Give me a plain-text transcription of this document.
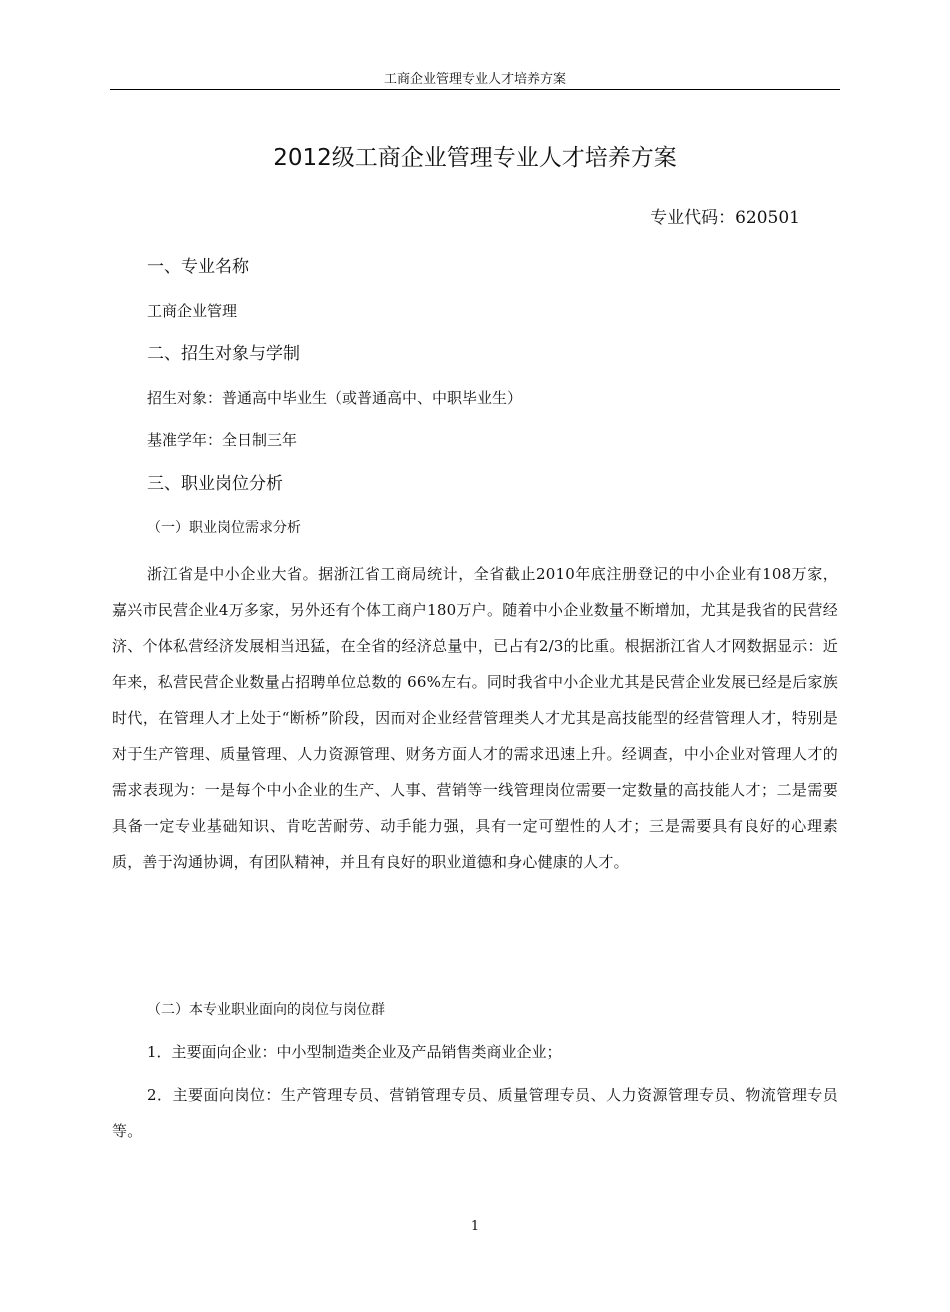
工商企业管理专业人才培养方案
2012级工商企业管理专业人才培养方案
专业代码：620501
一、专业名称
工商企业管理
二、招生对象与学制
招生对象：普通高中毕业生（或普通高中、中职毕业生）
基准学年：全日制三年
三、职业岗位分析
（一）职业岗位需求分析
浙江省是中小企业大省。据浙江省工商局统计，全省截止2010年底注册登记的中小企业有108万家，嘉兴市民营企业4万多家，另外还有个体工商户180万户。随着中小企业数量不断增加，尤其是我省的民营经济、个体私营经济发展相当迅猛，在全省的经济总量中，已占有2/3的比重。根据浙江省人才网数据显示：近年来，私营民营企业数量占招聘单位总数的 66%左右。同时我省中小企业尤其是民营企业发展已经是后家族时代，在管理人才上处于“断桥”阶段，因而对企业经营管理类人才尤其是高技能型的经营管理人才，特别是对于生产管理、质量管理、人力资源管理、财务方面人才的需求迅速上升。经调查，中小企业对管理人才的需求表现为：一是每个中小企业的生产、人事、营销等一线管理岗位需要一定数量的高技能人才；二是需要具备一定专业基础知识、肯吃苦耐劳、动手能力强，具有一定可塑性的人才；三是需要具有良好的心理素质，善于沟通协调，有团队精神，并且有良好的职业道德和身心健康的人才。
（二）本专业职业面向的岗位与岗位群
1．主要面向企业：中小型制造类企业及产品销售类商业企业；
2．主要面向岗位：生产管理专员、营销管理专员、质量管理专员、人力资源管理专员、物流管理专员等。
1
